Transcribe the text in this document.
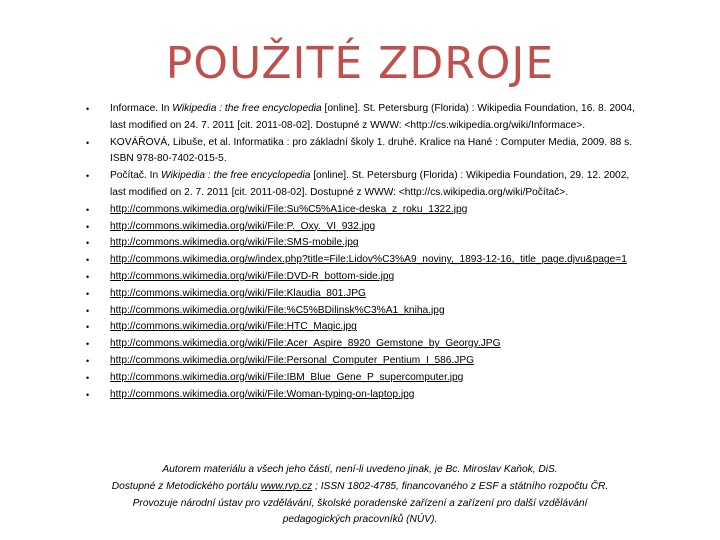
POUŽITÉ ZDROJE
• Informace. In Wikipedia : the free encyclopedia [online]. St. Petersburg (Florida) : Wikipedia Foundation, 16. 8. 2004, last modified on 24. 7. 2011 [cit. 2011-08-02]. Dostupné z WWW: <http://cs.wikipedia.org/wiki/Informace>.
• KOVÁŘOVÁ, Libuše, et al. Informatika : pro základní školy 1. druhé. Kralice na Hané : Computer Media, 2009. 88 s. ISBN 978-80-7402-015-5.
• Počítač. In Wikipedia : the free encyclopedia [online]. St. Petersburg (Florida) : Wikipedia Foundation, 29. 12. 2002, last modified on 2. 7. 2011 [cit. 2011-08-02]. Dostupné z WWW: <http://cs.wikipedia.org/wiki/Počítač>.
• http://commons.wikimedia.org/wiki/File:Su%C5%A1ice-deska_z_roku_1322.jpg
• http://commons.wikimedia.org/wiki/File:P._Oxy._VI_932.jpg
• http://commons.wikimedia.org/wiki/File:SMS-mobile.jpg
• http://commons.wikimedia.org/w/index.php?title=File:Lidov%C3%A9_noviny,_1893-12-16,_title_page.djvu&page=1
• http://commons.wikimedia.org/wiki/File:DVD-R_bottom-side.jpg
• http://commons.wikimedia.org/wiki/File:Klaudia_801.JPG
• http://commons.wikimedia.org/wiki/File:%C5%BDilinsk%C3%A1_kniha.jpg
• http://commons.wikimedia.org/wiki/File:HTC_Magic.jpg
• http://commons.wikimedia.org/wiki/File:Acer_Aspire_8920_Gemstone_by_Georgy.JPG
• http://commons.wikimedia.org/wiki/File:Personal_Computer_Pentium_I_586.JPG
• http://commons.wikimedia.org/wiki/File:IBM_Blue_Gene_P_supercomputer.jpg
• http://commons.wikimedia.org/wiki/File:Woman-typing-on-laptop.jpg
Autorem materiálu a všech jeho částí, není-li uvedeno jinak, je Bc. Miroslav Kaňok, DiS.
Dostupné z Metodického portálu www.rvp.cz ; ISSN 1802-4785, financovaného z ESF a státního rozpočtu ČR.
Provozuje národní ústav pro vzdělávání, školské poradenské zařízení a zařízení pro další vzdělávání
pedagogických pracovníků (NÚV).
